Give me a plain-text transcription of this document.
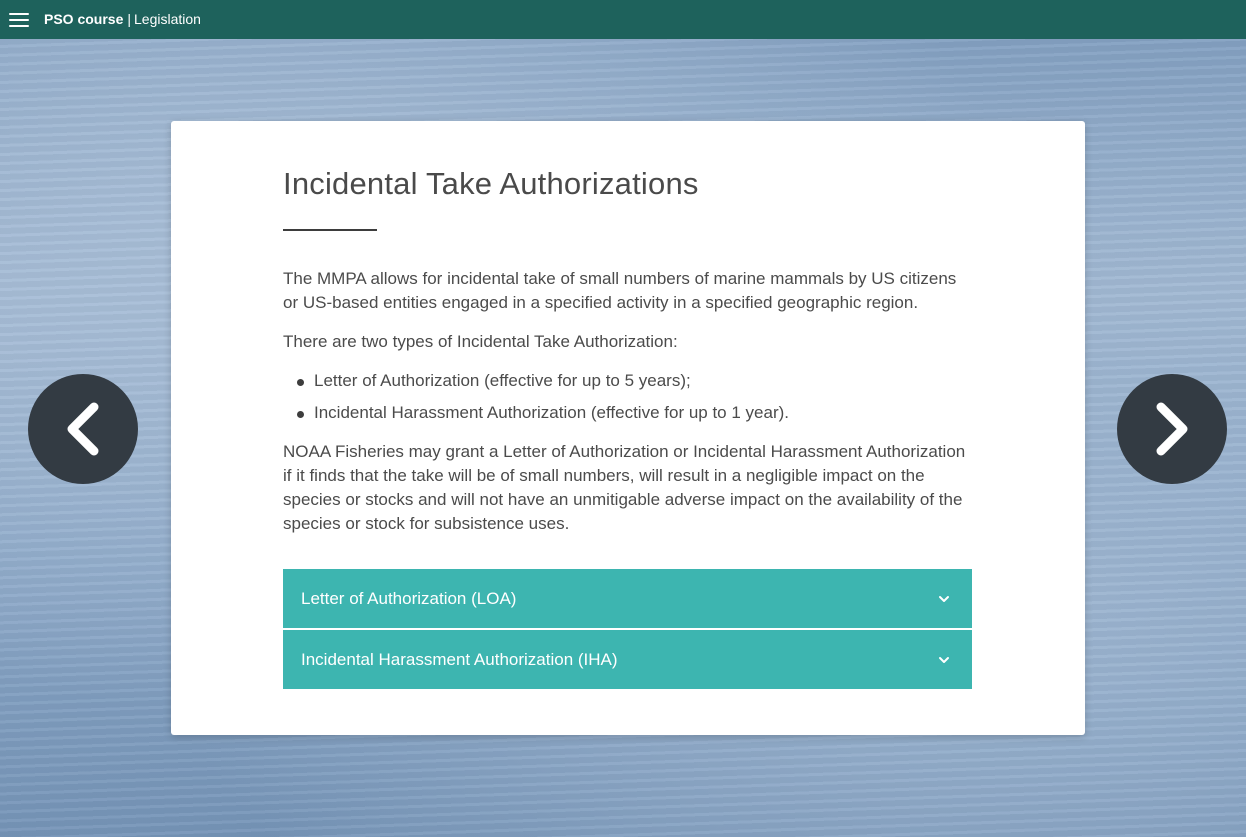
PSO course | Legislation
Incidental Take Authorizations

The MMPA allows for incidental take of small numbers of marine mammals by US citizens or US-based entities engaged in a specified activity in a specified geographic region.

There are two types of Incidental Take Authorization:

Letter of Authorization (effective for up to 5 years);
Incidental Harassment Authorization (effective for up to 1 year).

NOAA Fisheries may grant a Letter of Authorization or Incidental Harassment Authorization if it finds that the take will be of small numbers, will result in a negligible impact on the species or stocks and will not have an unmitigable adverse impact on the availability of the species or stock for subsistence uses.

Letter of Authorization (LOA)
Incidental Harassment Authorization (IHA)
